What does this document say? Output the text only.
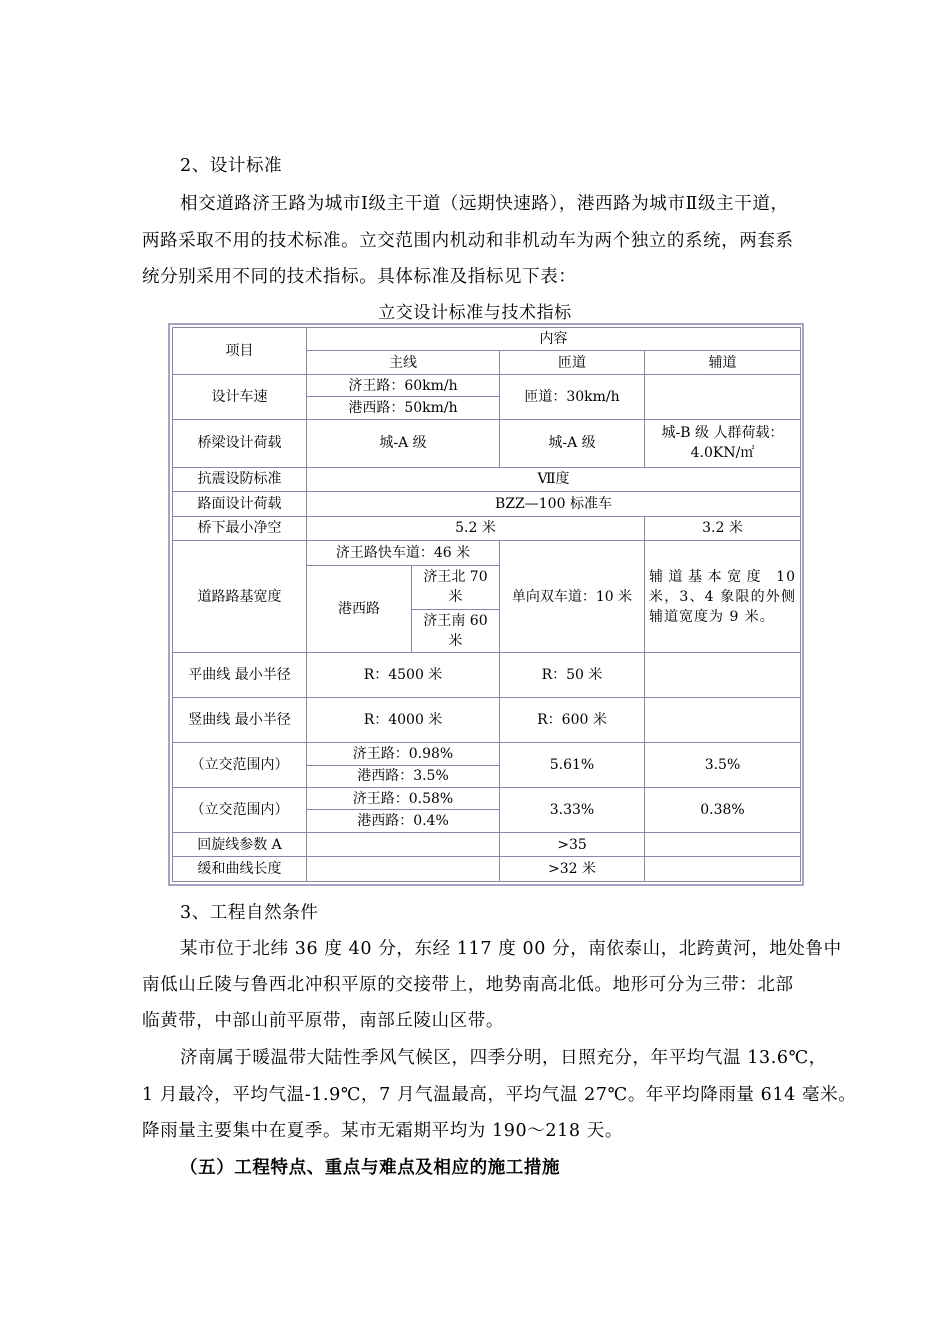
2、设计标准
相交道路济王路为城市Ⅰ级主干道（远期快速路），港西路为城市Ⅱ级主干道，
两路采取不用的技术标准。立交范围内机动和非机动车为两个独立的系统，两套系
统分别采用不同的技术指标。具体标准及指标见下表：
立交设计标准与技术指标
项目	内容			
	主线		匝道	辅道
设计车速	济王路：60km/h		匝道：30km/h	
	港西路：50km/h			
桥梁设计荷载	城-A 级		城-A 级	城-B 级 人群荷载：4.0KN/㎡
抗震设防标准	Ⅶ度			
路面设计荷载	BZZ—100 标准车			
桥下最小净空	5.2 米			3.2 米
道路路基宽度	济王路快车道：46 米		单向双车道：10 米	辅道基本宽度 10 米，3、4 象限的外侧辅道宽度为 9 米。
	港西路	济王北 70 米		
		济王南 60 米		
平曲线 最小半径	R：4500 米		R：50 米	
竖曲线 最小半径	R：4000 米		R：600 米	
（立交范围内）	济王路：0.98%		5.61%	3.5%
	港西路：3.5%			
（立交范围内）	济王路：0.58%		3.33%	0.38%
	港西路：0.4%			
回旋线参数 A			>35	
缓和曲线长度			>32 米	
3、工程自然条件
某市位于北纬 36 度 40 分，东经 117 度 00 分，南依泰山，北跨黄河，地处鲁中
南低山丘陵与鲁西北冲积平原的交接带上，地势南高北低。地形可分为三带：北部
临黄带，中部山前平原带，南部丘陵山区带。
济南属于暖温带大陆性季风气候区，四季分明，日照充分，年平均气温 13.6℃，
1 月最冷，平均气温-1.9℃，7 月气温最高，平均气温 27℃。年平均降雨量 614 毫米。
降雨量主要集中在夏季。某市无霜期平均为 190～218 天。
（五）工程特点、重点与难点及相应的施工措施
